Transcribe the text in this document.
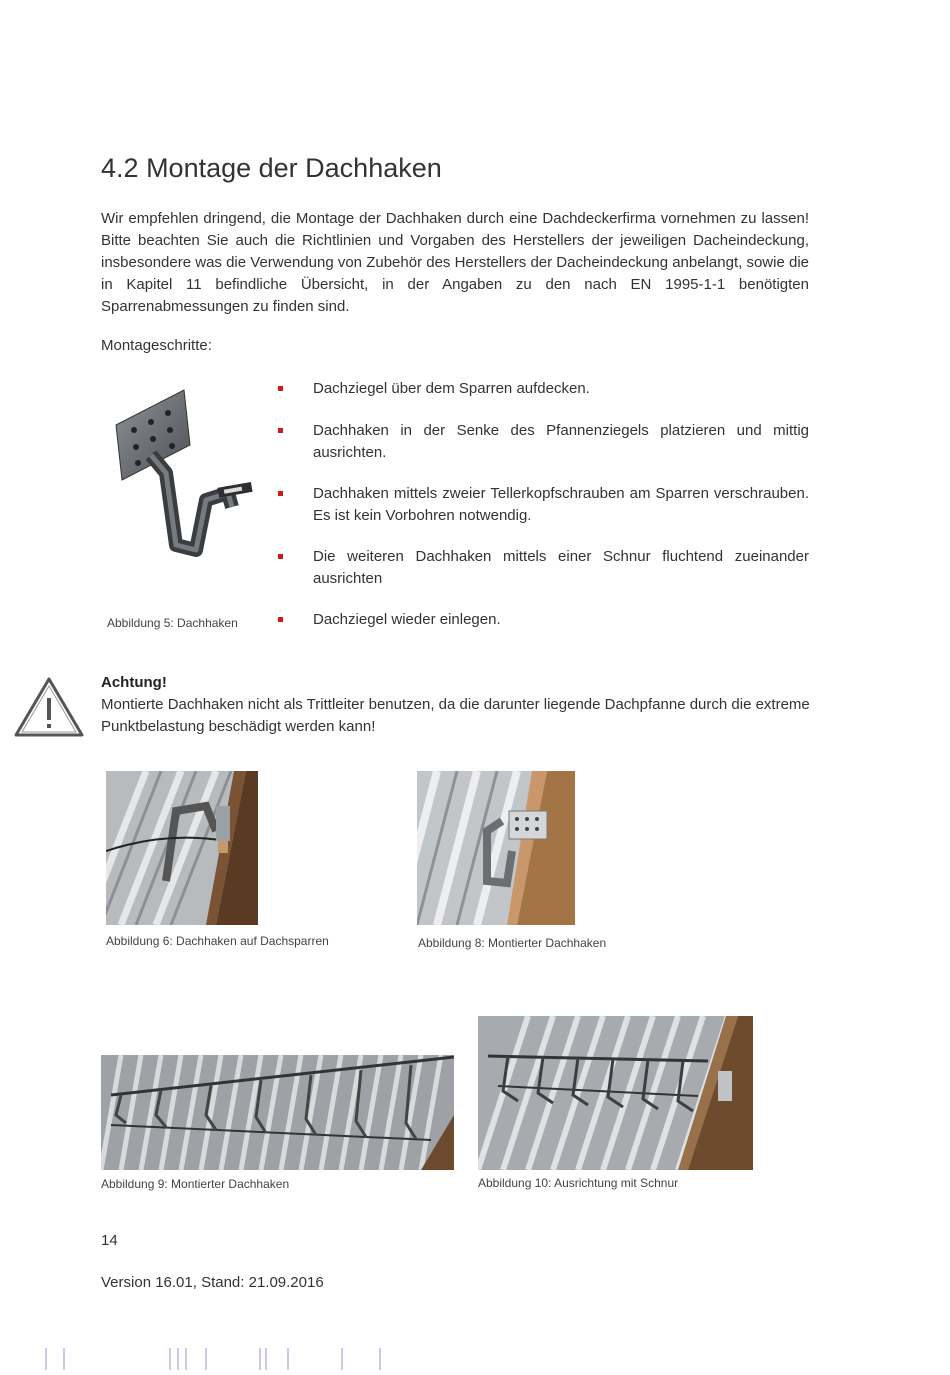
4.2 Montage der Dachhaken

Wir empfehlen dringend, die Montage der Dachhaken durch eine Dachdeckerfirma vornehmen zu lassen! Bitte beachten Sie auch die Richtlinien und Vorgaben des Herstellers der jeweiligen Dacheindeckung, insbesondere was die Verwendung von Zubehör des Herstellers der Dacheindeckung anbelangt, sowie die in Kapitel 11 befindliche Übersicht, in der Angaben zu den nach EN 1995-1-1 benötigten Sparrenabmessungen zu finden sind.

Montageschritte:
Dachziegel über dem Sparren aufdecken.
Dachhaken in der Senke des Pfannenziegels platzieren und mittig ausrichten.
Dachhaken mittels zweier Tellerkopfschrauben am Sparren verschrauben. Es ist kein Vorbohren notwendig.
Die weiteren Dachhaken mittels einer Schnur fluchtend zueinander ausrichten
Dachziegel wieder einlegen.
Abbildung 5: Dachhaken
Achtung!
Montierte Dachhaken nicht als Trittleiter benutzen, da die darunter liegende Dachpfanne durch die extreme Punktbelastung beschädigt werden kann!
Abbildung 6: Dachhaken auf Dachsparren	Abbildung 8: Montierter Dachhaken
Abbildung 9: Montierter Dachhaken	Abbildung 10: Ausrichtung mit Schnur
14
Version 16.01, Stand: 21.09.2016
